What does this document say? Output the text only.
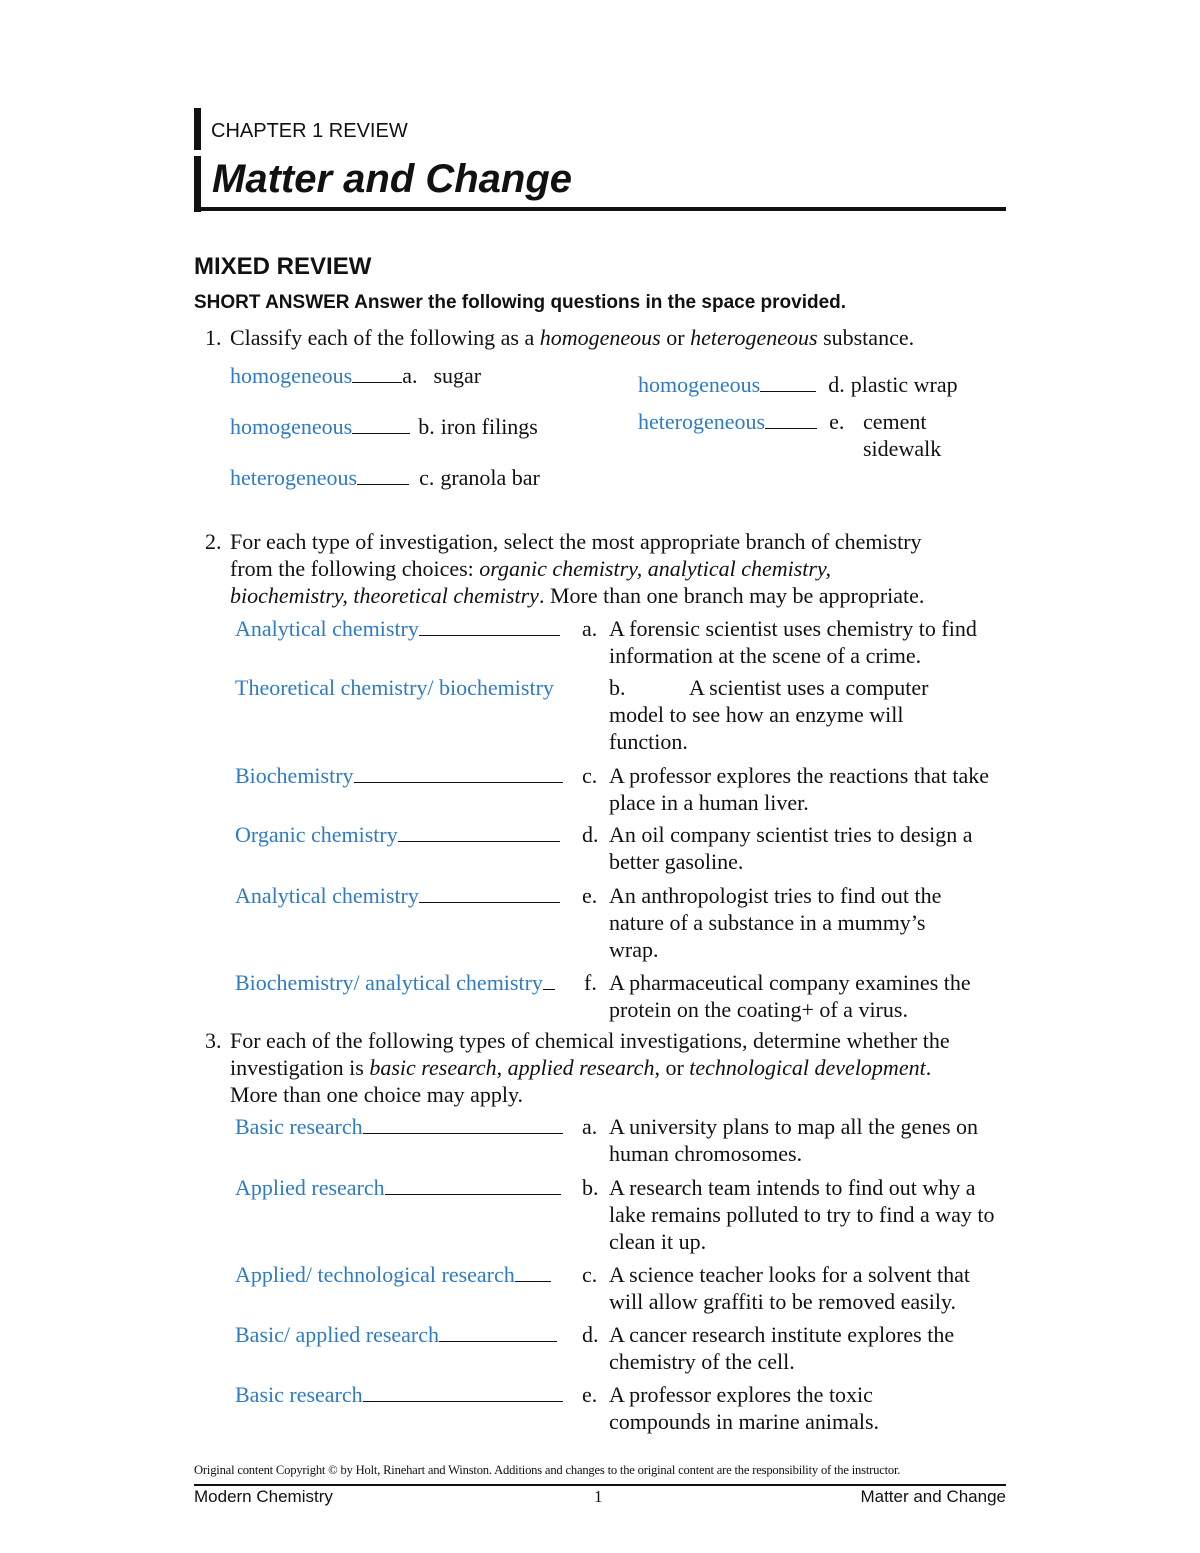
CHAPTER 1 REVIEW
Matter and Change
MIXED REVIEW
SHORT ANSWER Answer the following questions in the space provided.
1. Classify each of the following as a homogeneous or heterogeneous substance.
homogeneous a. sugar
homogeneous	b. iron filings
heterogeneous	c. granola bar
homogeneous	d. plastic wrap
heterogeneous	e. cement sidewalk
2. For each type of investigation, select the most appropriate branch of chemistry
from the following choices: organic chemistry, analytical chemistry,
biochemistry, theoretical chemistry. More than one branch may be appropriate.
Analytical chemistry	a. A forensic scientist uses chemistry to find information at the scene of a crime.
Theoretical chemistry/ biochemistry	b.	A scientist uses a computer model to see how an enzyme will function.
Biochemistry	c. A professor explores the reactions that take place in a human liver.
Organic chemistry	d. An oil company scientist tries to design a better gasoline.
Analytical chemistry	e. An anthropologist tries to find out the nature of a substance in a mummy’s wrap.
Biochemistry/ analytical chemistry	f. A pharmaceutical company examines the protein on the coating+ of a virus.
3. For each of the following types of chemical investigations, determine whether the
investigation is basic research, applied research, or technological development.
More than one choice may apply.
Basic research	a. A university plans to map all the genes on human chromosomes.
Applied research	b. A research team intends to find out why a lake remains polluted to try to find a way to clean it up.
Applied/ technological research	c. A science teacher looks for a solvent that will allow graffiti to be removed easily.
Basic/ applied research	d. A cancer research institute explores the chemistry of the cell.
Basic research	e. A professor explores the toxic compounds in marine animals.
Original content Copyright © by Holt, Rinehart and Winston. Additions and changes to the original content are the responsibility of the instructor.
Modern Chemistry	1	Matter and Change
